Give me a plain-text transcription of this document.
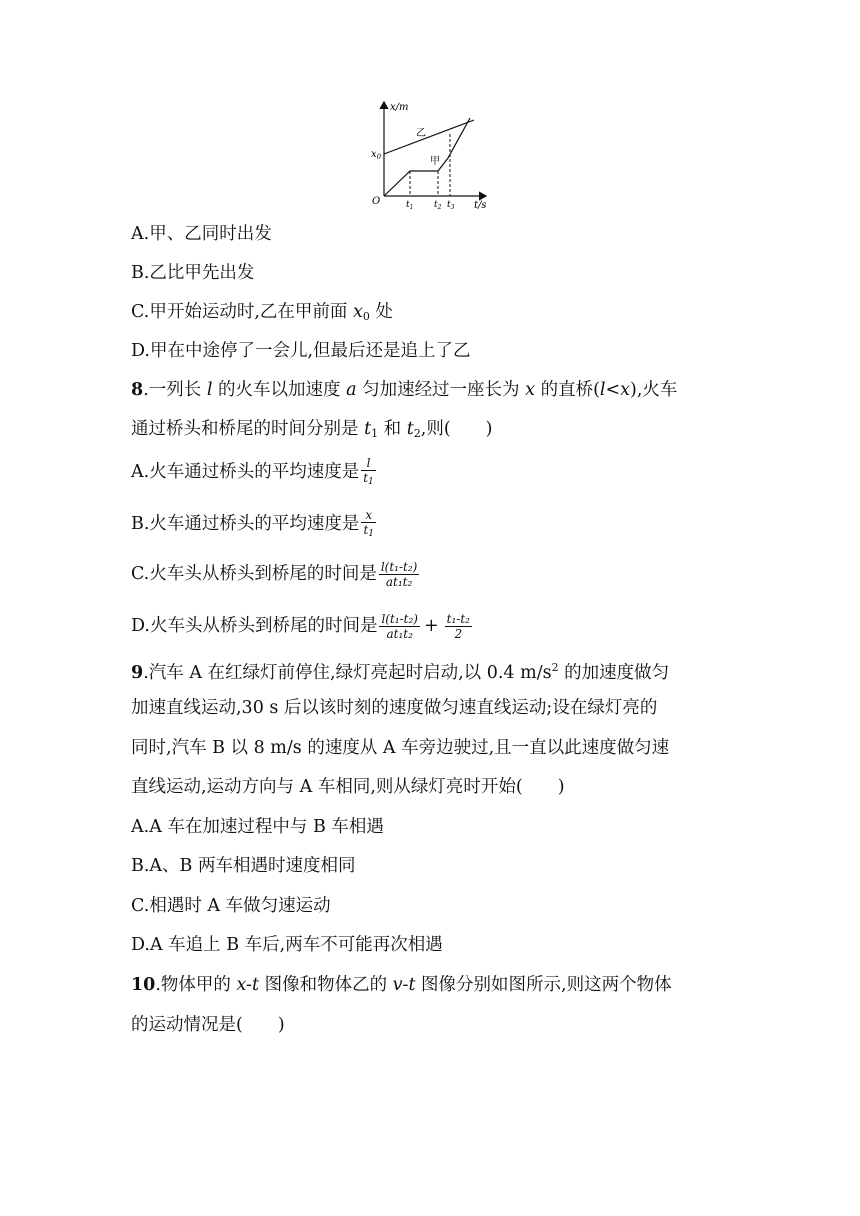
x/m
t/s
O
$x_0$
乙
甲
$t_1$ $t_2$ $t_3$
A.甲、乙同时出发
B.乙比甲先出发
C.甲开始运动时,乙在甲前面 $x_0$ 处
D.甲在中途停了一会儿,但最后还是追上了乙
8.一列长 l 的火车以加速度 a 匀加速经过一座长为 x 的直桥(l<x),火车
通过桥头和桥尾的时间分别是 $t_1$ 和 $t_2$,则(　　)
A.火车通过桥头的平均速度是 $\frac{l}{t_1}$
B.火车通过桥头的平均速度是 $\frac{x}{t_1}$
C.火车头从桥头到桥尾的时间是 $\frac{\text{l(t₁-t₂)}}{\text{at₁t₂}}$
D.火车头从桥头到桥尾的时间是 $\frac{\text{l(t₁-t₂)}}{\text{at₁t₂}} + \frac{\text{t₁-t₂}}{2}$
9.汽车 A 在红绿灯前停住,绿灯亮起时启动,以 0.4 $m/s^2$ 的加速度做匀
加速直线运动,30 s 后以该时刻的速度做匀速直线运动;设在绿灯亮的
同时,汽车 B 以 8 m/s 的速度从 A 车旁边驶过,且一直以此速度做匀速
直线运动,运动方向与 A 车相同,则从绿灯亮时开始(　　)
A.A 车在加速过程中与 B 车相遇
B.A、B 两车相遇时速度相同
C.相遇时 A 车做匀速运动
D.A 车追上 B 车后,两车不可能再次相遇
10.物体甲的 x-t 图像和物体乙的 v-t 图像分别如图所示,则这两个物体
的运动情况是(　　)
